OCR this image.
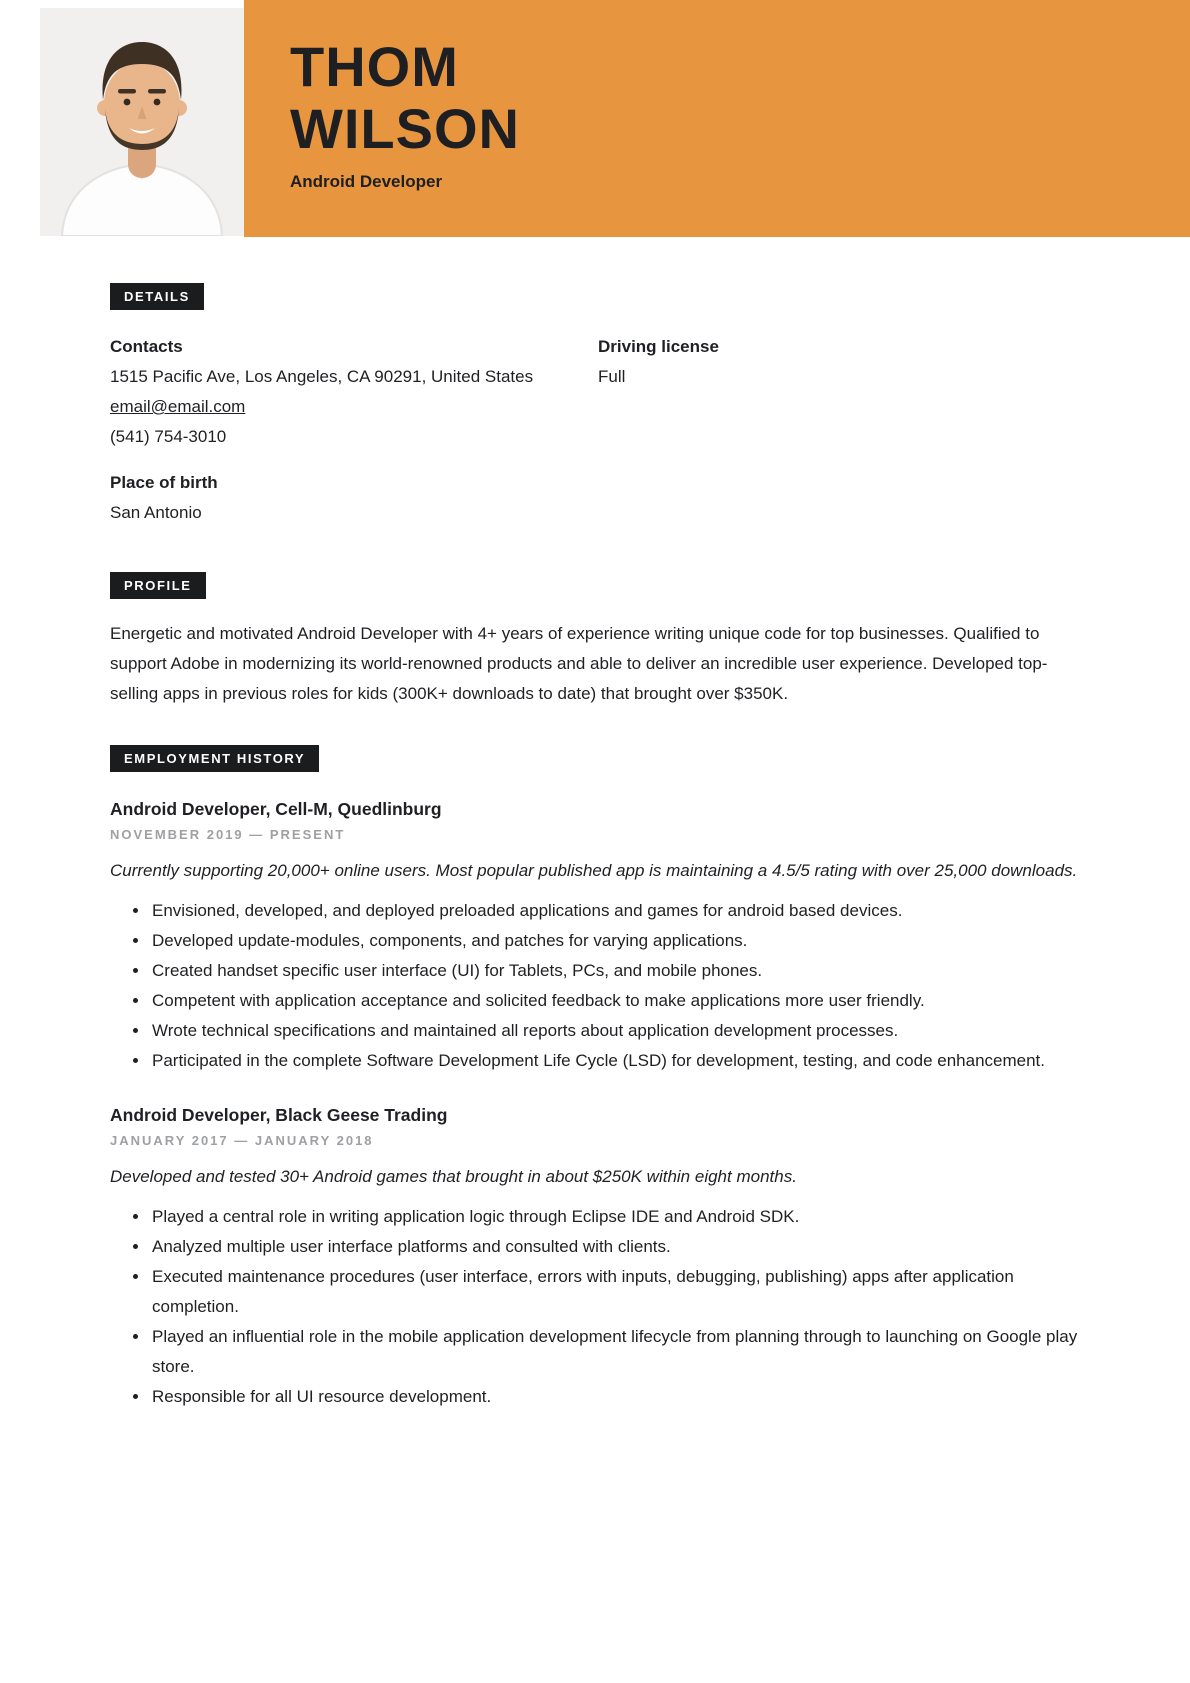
THOM WILSON
Android Developer
DETAILS
Contacts
1515 Pacific Ave, Los Angeles, CA 90291, United States
email@email.com
(541) 754-3010
Place of birth
San Antonio
Driving license
Full
PROFILE

Energetic and motivated Android Developer with 4+ years of experience writing unique code for top businesses. Qualified to support Adobe in modernizing its world-renowned products and able to deliver an incredible user experience. Developed top-selling apps in previous roles for kids (300K+ downloads to date) that brought over $350K.

EMPLOYMENT HISTORY
Android Developer, Cell-M, Quedlinburg
NOVEMBER 2019 — PRESENT

Currently supporting 20,000+ online users. Most popular published app is maintaining a 4.5/5 rating with over 25,000 downloads.

• Envisioned, developed, and deployed preloaded applications and games for android based devices.
• Developed update-modules, components, and patches for varying applications.
• Created handset specific user interface (UI) for Tablets, PCs, and mobile phones.
• Competent with application acceptance and solicited feedback to make applications more user friendly.
• Wrote technical specifications and maintained all reports about application development processes.
• Participated in the complete Software Development Life Cycle (LSD) for development, testing, and code enhancement.
Android Developer, Black Geese Trading
JANUARY 2017 — JANUARY 2018

Developed and tested 30+ Android games that brought in about $250K within eight months.

• Played a central role in writing application logic through Eclipse IDE and Android SDK.
• Analyzed multiple user interface platforms and consulted with clients.
• Executed maintenance procedures (user interface, errors with inputs, debugging, publishing) apps after application completion.
• Played an influential role in the mobile application development lifecycle from planning through to launching on Google play store.
• Responsible for all UI resource development.
